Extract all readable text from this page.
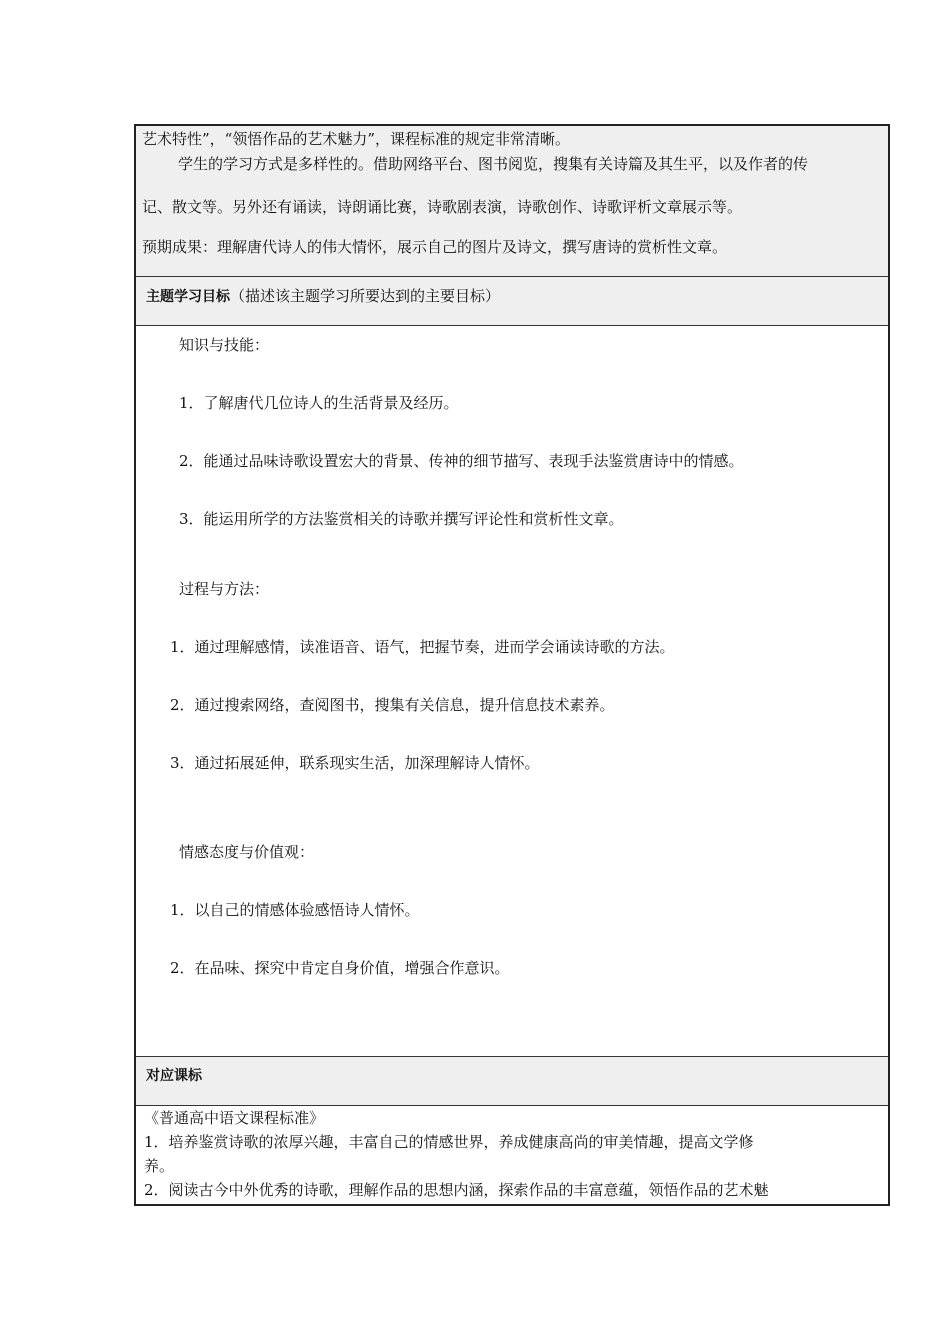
艺术特性”，“领悟作品的艺术魅力”，课程标准的规定非常清晰。
学生的学习方式是多样性的。借助网络平台、图书阅览，搜集有关诗篇及其生平，以及作者的传
记、散文等。另外还有诵读，诗朗诵比赛，诗歌剧表演，诗歌创作、诗歌评析文章展示等。
预期成果：理解唐代诗人的伟大情怀，展示自己的图片及诗文，撰写唐诗的赏析性文章。
主题学习目标（描述该主题学习所要达到的主要目标）
知识与技能：
1．了解唐代几位诗人的生活背景及经历。
2．能通过品味诗歌设置宏大的背景、传神的细节描写、表现手法鉴赏唐诗中的情感。
3．能运用所学的方法鉴赏相关的诗歌并撰写评论性和赏析性文章。
过程与方法：
1．通过理解感情，读准语音、语气，把握节奏，进而学会诵读诗歌的方法。
2．通过搜索网络，查阅图书，搜集有关信息，提升信息技术素养。
3．通过拓展延伸，联系现实生活，加深理解诗人情怀。
情感态度与价值观：
1．以自己的情感体验感悟诗人情怀。
2．在品味、探究中肯定自身价值，增强合作意识。
对应课标
《普通高中语文课程标准》
1．培养鉴赏诗歌的浓厚兴趣，丰富自己的情感世界，养成健康高尚的审美情趣，提高文学修
养。
2．阅读古今中外优秀的诗歌，理解作品的思想内涵，探索作品的丰富意蕴，领悟作品的艺术魅
